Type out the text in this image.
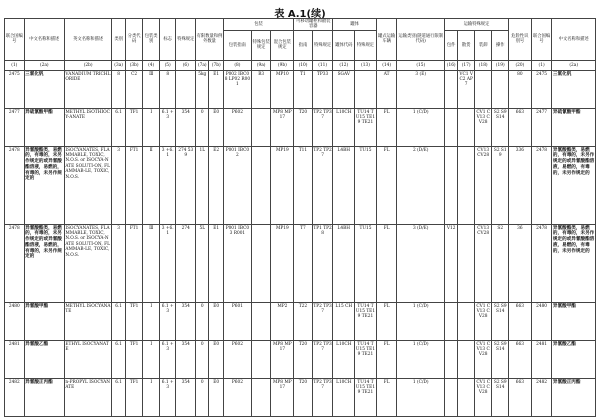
表 A.1(续)
联合国编号	中文名称和描述	英文名称和描述	类别	分类代码	包装类别	标志	特殊规定	有限数量和例外数量		包装			可移动罐柜和散装容器		罐体		罐式运输车辆	运输类别(隧道通行限制代码)	运输特殊规定				危险性识别号	联合国编号	中文名称和描述
										包装指南	特殊包装规定	混合包装规定	指南	特殊规定	罐体代码	特殊规定			包件	散货	装卸	操作			
(1)	(2a)	(2b)	(3a)	(3b)	(4)	(5)	(6)	(7a)	(7b)	(8)	(9a)	(9b)	(10)	(11)	(12)	(13)	(14)	(15)	(16)	(17)	(18)	(19)	(20)	(1)	(2a)
2475	三氯化钒	VANADIUM TRICHLORIDE	8	C2	Ⅲ	8		5kg	E1	P002 IBC08 LP02 R001	B3	MP10	T1	TP33	SGAV		AT	3 (E)		VC1 VC2 AP7			80	2475	三氯化钒
2477	异硫氰酸甲酯	METHYL ISOTHIOCY-ANATE	6.1	TF1	Ⅰ	6.1 +3	354	0	E0	P602		MP8 MP17	T20	TP2 TP37	L10CH	TU14 TU15 TE19 TE21	FL	1 (C/D)			CV1 CV13 CV28	S2 S9 S14	663	2477	异硫氰酸甲酯
2478	异氰酸酯类，易燃的，有毒的，未另作规定的或异氰酸酯溶液，易燃的，有毒的，未另作规定的	ISOCYANATES, FLAMMABLE, TOXIC, N.O.S. or ISOCYA-NATE SOLUTI-ON, FLAMMAB-LE, TOXIC, N.O.S.	3	FT1	Ⅱ	3 +6.1	274 539	1L	E2	P001 IBC02		MP19	T11	TP2 TP27	L4BH	TU15	FL	2 (D/E)			CV13 CV28	S2 S19	336	2478	异氰酸酯类，易燃的，有毒的，未另作规定的或异氰酸酯溶液，易燃的，有毒的，未另作规定的
2478	异氰酸酯类，易燃的，有毒的，未另作规定的或异氰酸酯溶液，易燃的，有毒的，未另作规定的	ISOCYANATES, FLAMMABLE, TOXIC, N.O.S. or ISOCYA-NATE SOLUTI-ON, FLAMMAB-LE, TOXIC, N.O.S.	3	FT1	Ⅲ	3 +6.1	274	5L	E1	P001 IBC03 R001		MP19	T7	TP1 TP28	L4BH	TU15	FL	3 (D/E)	V12		CV13 CV28	S2	36	2478	异氰酸酯类，易燃的，有毒的，未另作规定的或异氰酸酯溶液，易燃的，有毒的，未另作规定的
2480	异氰酸甲酯	METHYL ISOCYANATE	6.1	TF1	Ⅰ	6.1 +3	354	0	E0	P601		MP2	T22	TP2 TP37	L15 CH	TU14 TU15 TE19 TE21	FL	1 (C/D)			CV1 CV13 CV28	S2 S9 S14	663	2480	异氰酸甲酯
2481	异氰酸乙酯	ETHYL ISOCYANATE	6.1	TF1	Ⅰ	6.1 +3	354	0	E0	P602		MP8 MP17	T20	TP2 TP37	L10CH	TU14 TU15 TE19 TE21	FL	1 (C/D)			CV1 CV13 CV28	S2 S9 S14	663	2481	异氰酸乙酯
2482	异氰酸正丙酯	n-PROPYL ISOCYANATE	6.1	TF1	Ⅰ	6.1 +3	354	0	E0	P602		MP8 MP17	T20	TP2 TP37	L10CH	TU14 TU15 TE19 TE21	FL	1 (C/D)			CV1 CV13 CV28	S2 S9 S14	663	2482	异氰酸正丙酯
